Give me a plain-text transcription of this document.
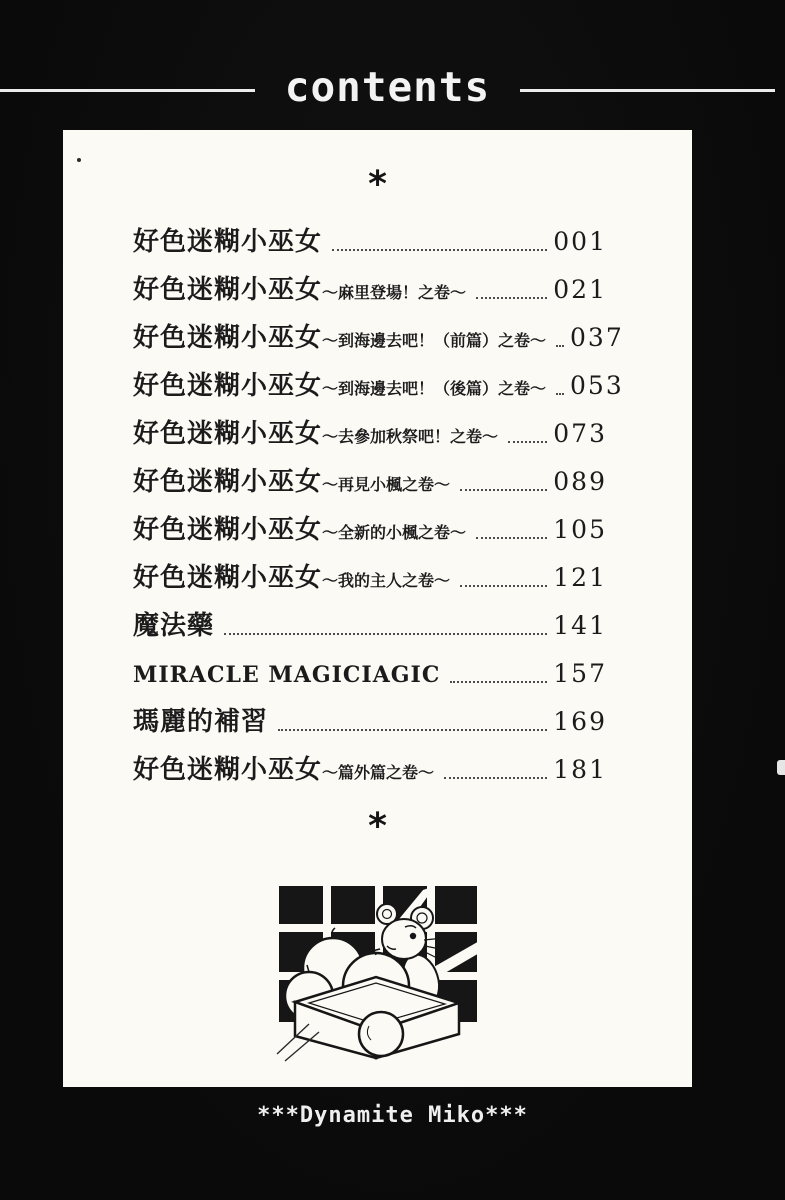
contents
*
好色迷糊小巫女	001
好色迷糊小巫女～麻里登場！之卷～	021
好色迷糊小巫女～到海邊去吧！（前篇）之卷～ 037
好色迷糊小巫女～到海邊去吧！（後篇）之卷～ 053
好色迷糊小巫女～去參加秋祭吧！之卷～ 073
好色迷糊小巫女～再見小楓之卷～	089
好色迷糊小巫女～全新的小楓之卷～	105
好色迷糊小巫女～我的主人之卷～	121
魔法藥	141
MIRACLE MAGICIAGIC	157
瑪麗的補習	169
好色迷糊小巫女～篇外篇之卷～	181
*
***Dynamite Miko***
